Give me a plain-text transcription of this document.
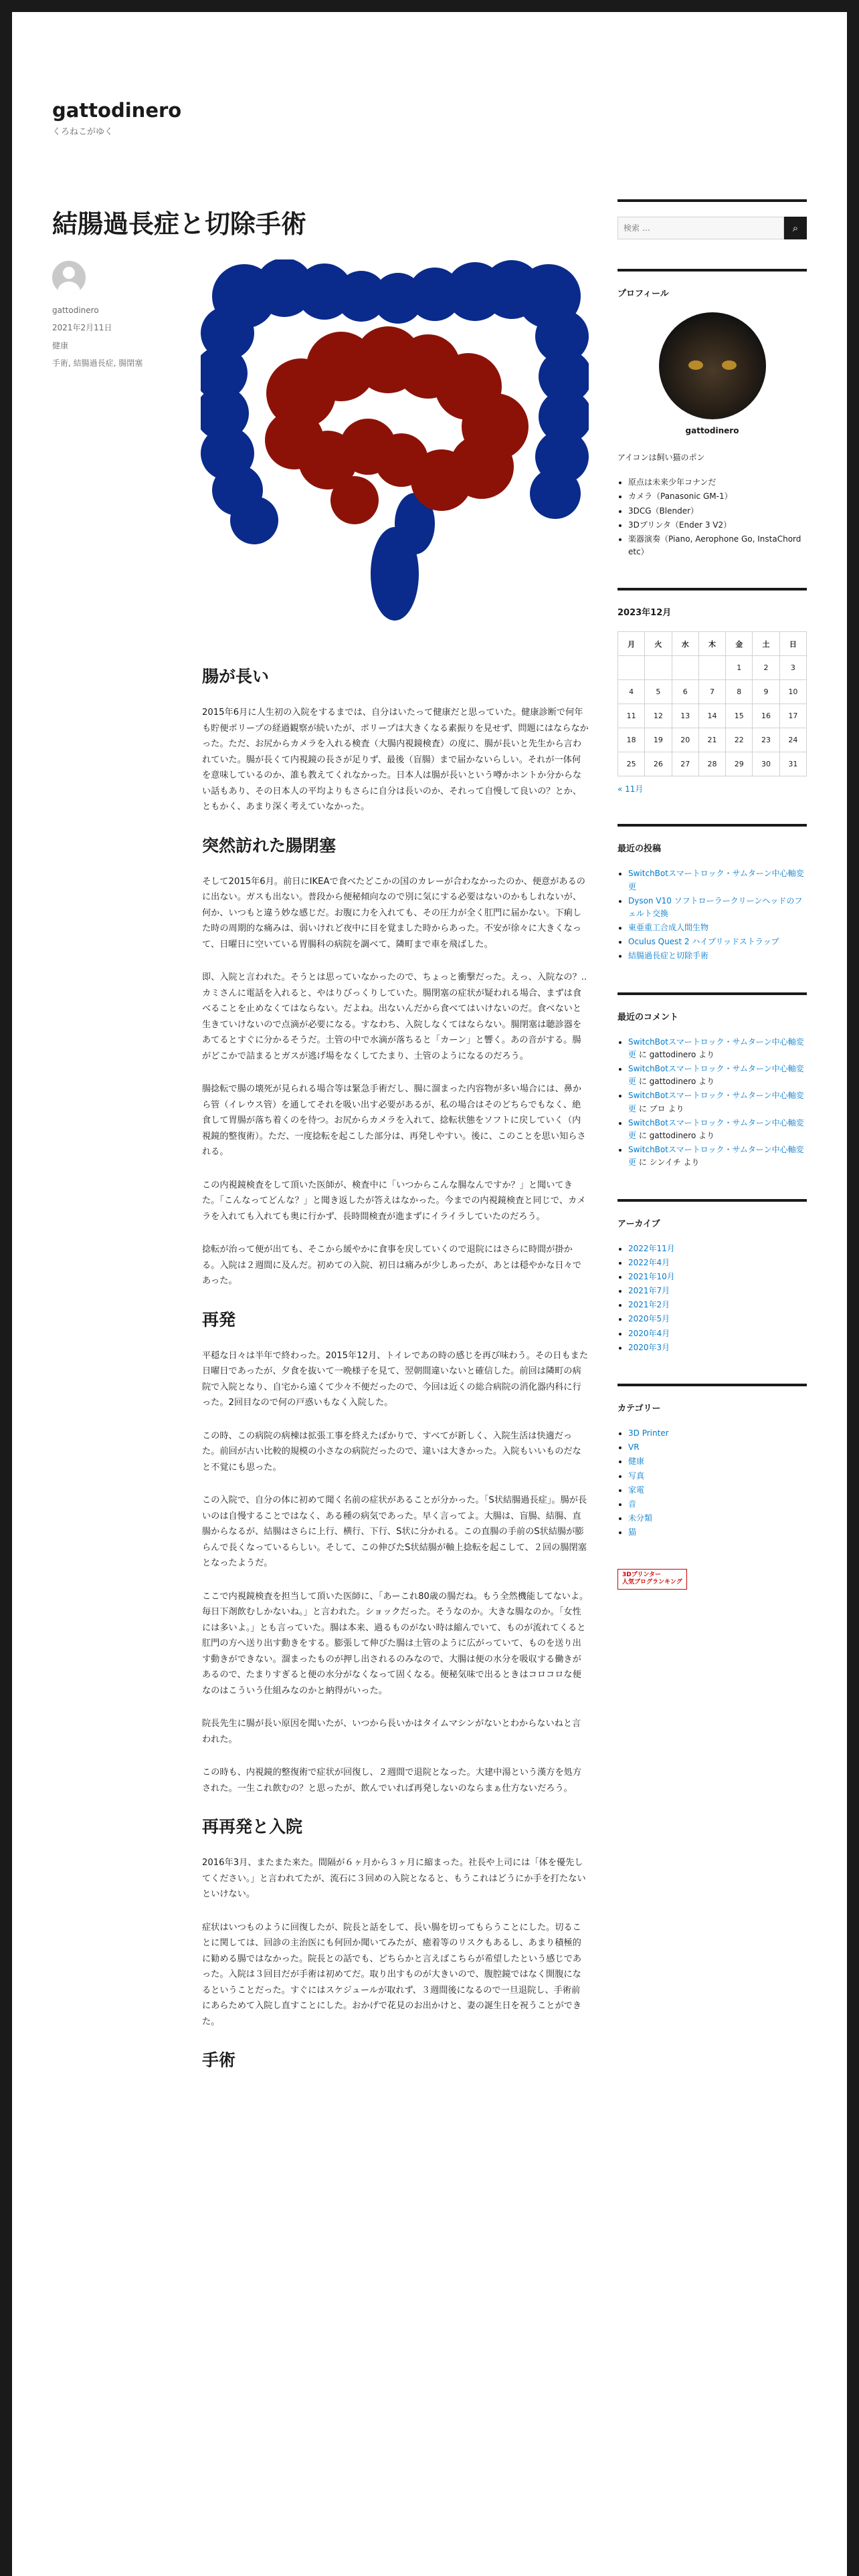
gattodinero
くろねこがゆく
結腸過長症と切除手術
gattodinero
2021年2月11日
健康
手術, 結腸過長症, 腸閉塞
腸が長い

2015年6月に人生初の入院をするまでは、自分はいたって健康だと思っていた。健康診断で何年も貯便ポリープの経過観察が続いたが、ポリープは大きくなる素振りを見せず、問題にはならなかった。ただ、お尻からカメラを入れる検査（大腸内視鏡検査）の度に、腸が長いと先生から言われていた。腸が長くて内視鏡の長さが足りず、最後（盲腸）まで届かないらしい。それが一体何を意味しているのか、誰も教えてくれなかった。日本人は腸が長いという噂かホントか分からない話もあり、その日本人の平均よりもさらに自分は長いのか、それって自慢して良いの？とか、ともかく、あまり深く考えていなかった。

突然訪れた腸閉塞

そして2015年6月。前日にIKEAで食べたどこかの国のカレーが合わなかったのか、便意があるのに出ない。ガスも出ない。普段から便秘傾向なので別に気にする必要はないのかもしれないが、何か、いつもと違う妙な感じだ。お腹に力を入れても、その圧力が全く肛門に届かない。下痢した時の周期的な痛みは、弱いけれど夜中に目を覚ました時からあった。不安が徐々に大きくなって、日曜日に空いている胃腸科の病院を調べて、隣町まで車を飛ばした。

即、入院と言われた。そうとは思っていなかったので、ちょっと衝撃だった。えっ、入院なの？..カミさんに電話を入れると、やはりびっくりしていた。腸閉塞の症状が疑われる場合、まずは食べることを止めなくてはならない。だよね。出ないんだから食べてはいけないのだ。食べないと生きていけないので点滴が必要になる。すなわち、入院しなくてはならない。腸閉塞は聴診器をあてるとすぐに分かるそうだ。土管の中で水滴が落ちると「カーン」と響く。あの音がする。腸がどこかで詰まるとガスが逃げ場をなくしてたまり、土管のようになるのだろう。

腸捻転で腸の壊死が見られる場合等は緊急手術だし、腸に溜まった内容物が多い場合には、鼻から管（イレウス管）を通してそれを吸い出す必要があるが、私の場合はそのどちらでもなく、絶食して胃腸が落ち着くのを待つ。お尻からカメラを入れて、捻転状態をソフトに戻していく（内視鏡的整復術）。ただ、一度捻転を起こした部分は、再発しやすい。後に、このことを思い知らされる。

この内視鏡検査をして頂いた医師が、検査中に「いつからこんな腸なんですか？」と聞いてきた。「こんなってどんな？」と聞き返したが答えはなかった。今までの内視鏡検査と同じで、カメラを入れても入れても奥に行かず、長時間検査が進まずにイライラしていたのだろう。

捻転が治って便が出ても、そこから緩やかに食事を戻していくので退院にはさらに時間が掛かる。入院は２週間に及んだ。初めての入院、初日は痛みが少しあったが、あとは穏やかな日々であった。

再発

平穏な日々は半年で終わった。2015年12月、トイレであの時の感じを再び味わう。その日もまた日曜日であったが、夕食を抜いて一晩様子を見て、翌朝間違いないと確信した。前回は隣町の病院で入院となり、自宅から遠くて少々不便だったので、今回は近くの総合病院の消化器内科に行った。2回目なので何の戸惑いもなく入院した。

この時、この病院の病棟は拡張工事を終えたばかりで、すべてが新しく、入院生活は快適だった。前回が古い比較的規模の小さなの病院だったので、違いは大きかった。入院もいいものだなと不覚にも思った。

この入院で、自分の体に初めて聞く名前の症状があることが分かった。「S状結腸過長症」。腸が長いのは自慢することではなく、ある種の病気であった。早く言ってよ。大腸は、盲腸、結腸、直腸からなるが、結腸はさらに上行、横行、下行、S状に分かれる。この直腸の手前のS状結腸が膨らんで長くなっているらしい。そして、この伸びたS状結腸が軸上捻転を起こして、２回の腸閉塞となったようだ。

ここで内視鏡検査を担当して頂いた医師に、「あーこれ80歳の腸だね。もう全然機能してないよ。毎日下剤飲むしかないね。」と言われた。ショックだった。そうなのか。大きな腸なのか。「女性には多いよ。」とも言っていた。腸は本来、過るものがない時は縮んでいて、ものが流れてくると肛門の方へ送り出す動きをする。膨張して伸びた腸は土管のように広がっていて、ものを送り出す動きができない。溜まったものが押し出されるのみなので、大腸は便の水分を吸収する働きがあるので、たまりすぎると便の水分がなくなって固くなる。便秘気味で出るときはコロコロな便なのはこういう仕組みなのかと納得がいった。

院長先生に腸が長い原因を聞いたが、いつから長いかはタイムマシンがないとわからないねと言われた。

この時も、内視鏡的整復術で症状が回復し、２週間で退院となった。大建中湯という漢方を処方された。一生これ飲むの？と思ったが、飲んでいれば再発しないのならまぁ仕方ないだろう。

再再発と入院

2016年3月、またまた来た。間隔が６ヶ月から３ヶ月に縮まった。社長や上司には「体を優先してください。」と言われてたが、流石に３回めの入院となると、もうこれはどうにか手を打たないといけない。

症状はいつものように回復したが、院長と話をして、長い腸を切ってもらうことにした。切ることに関しては、回診の主治医にも何回か聞いてみたが、癒着等のリスクもあるし、あまり積極的に勧める腸ではなかった。院長との話でも、どちらかと言えばこちらが希望したという感じであった。入院は３回目だが手術は初めてだ。取り出すものが大きいので、腹腔鏡ではなく開腹になるということだった。すぐにはスケジュールが取れず、３週間後になるので一旦退院し、手術前にあらためて入院し直すことにした。おかげで花見のお出かけと、妻の誕生日を祝うことができた。

手術
検索 …
⌕
プロフィール
gattodinero

アイコンは飼い猫のポン

• 原点は未来少年コナンだ
• カメラ（Panasonic GM-1）
• 3DCG（Blender）
• 3Dプリンタ（Ender 3 V2）
• 楽器演奏（Piano, Aerophone Go, InstaChord etc）
2023年12月
月	火	水	木	金	土	日
				1	2	3
4	5	6	7	8	9	10
11	12	13	14	15	16	17
18	19	20	21	22	23	24
25	26	27	28	29	30	31
« 11月
最近の投稿
• SwitchBotスマートロック・サムターン中心軸変更
• Dyson V10 ソフトローラークリーンヘッドのフェルト交換
• 東亜重工合成人間生物
• Oculus Quest 2 ハイブリッドストラップ
• 結腸過長症と切除手術
最近のコメント
• SwitchBotスマートロック・サムターン中心軸変更 に gattodinero より
• SwitchBotスマートロック・サムターン中心軸変更 に gattodinero より
• SwitchBotスマートロック・サムターン中心軸変更 に ブロ より
• SwitchBotスマートロック・サムターン中心軸変更 に gattodinero より
• SwitchBotスマートロック・サムターン中心軸変更 に シンイチ より
アーカイブ
• 2022年11月
• 2022年4月
• 2021年10月
• 2021年7月
• 2021年2月
• 2020年5月
• 2020年4月
• 2020年3月
カテゴリー
• 3D Printer
• VR
• 健康
• 写真
• 家電
• 音
• 未分類
• 猫
3Dプリンター
人気ブログランキング
